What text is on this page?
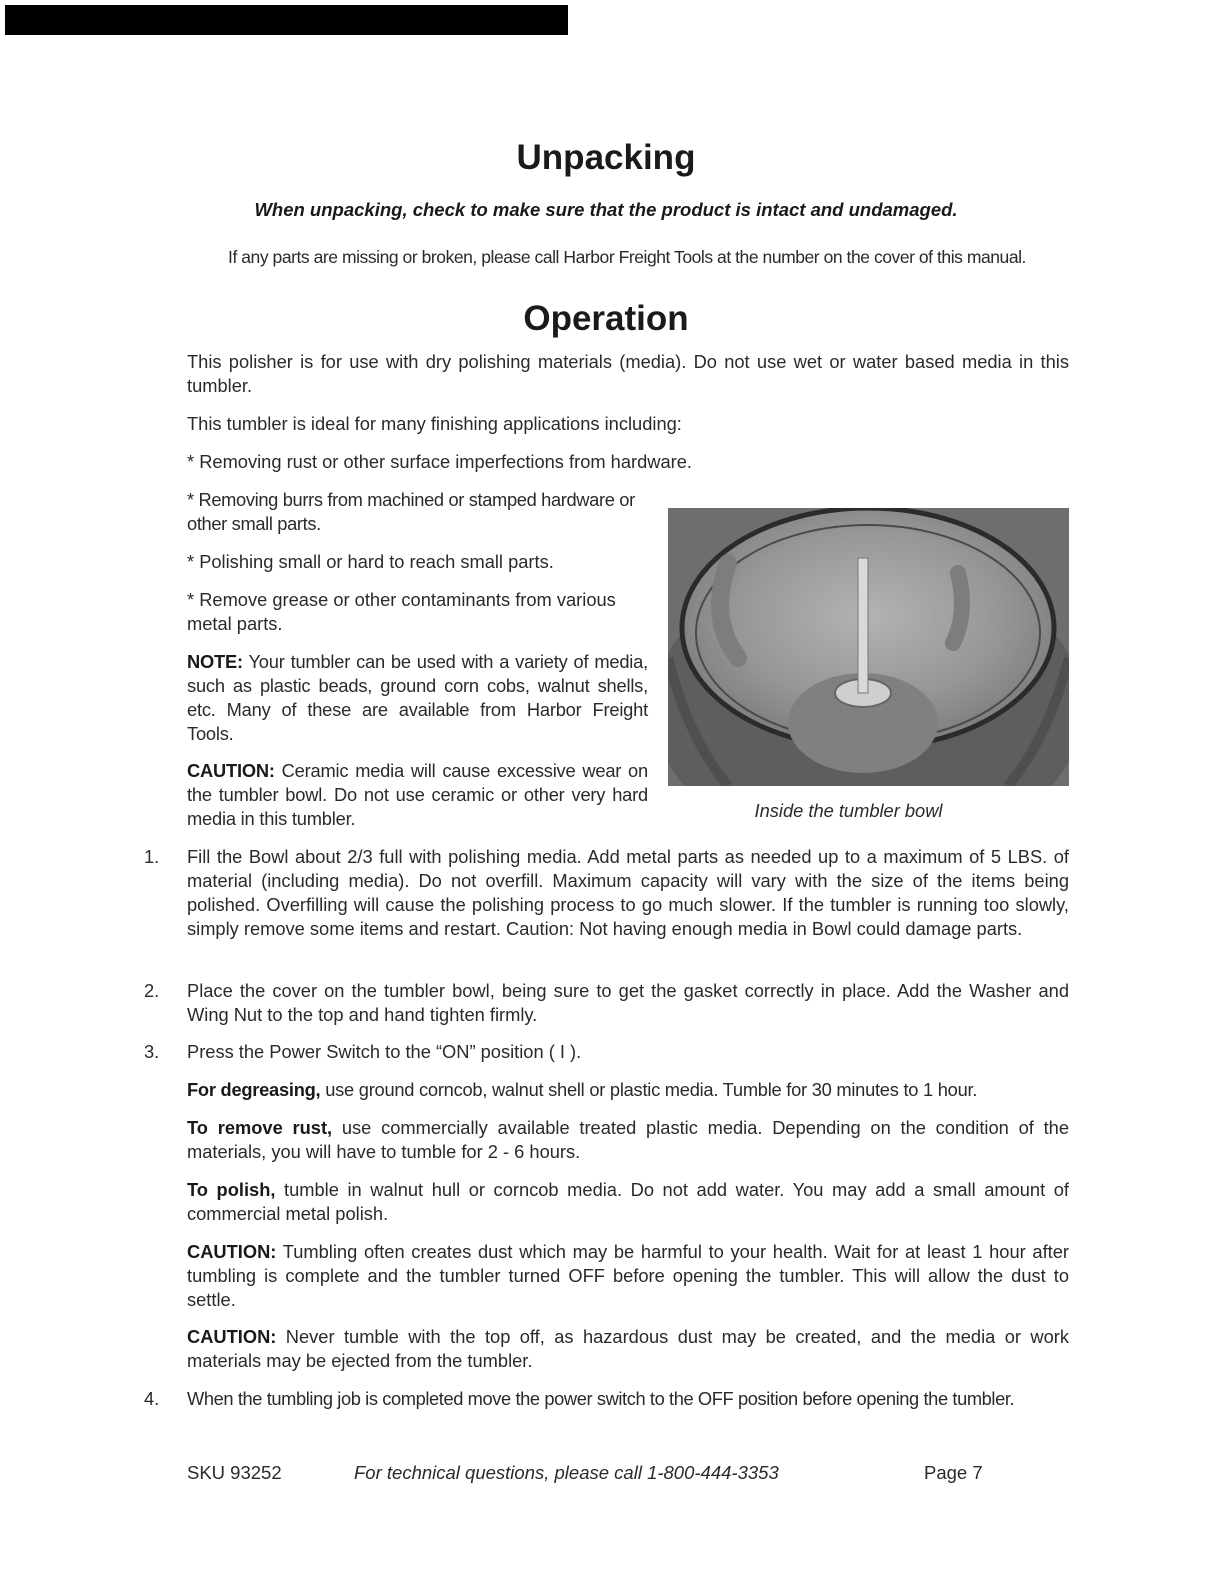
Unpacking

When unpacking, check to make sure that the product is intact and undamaged.

If any parts are missing or broken, please call Harbor Freight Tools at the number on the cover of this manual.

Operation

This polisher is for use with dry polishing materials (media). Do not use wet or water based media in this tumbler.

This tumbler is ideal for many finishing applications including:

* Removing rust or other surface imperfections from hardware.

* Removing burrs from machined or stamped hardware or other small parts.

* Polishing small or hard to reach small parts.

* Remove grease or other contaminants from various metal parts.

NOTE: Your tumbler can be used with a variety of media, such as plastic beads, ground corn cobs, walnut shells, etc. Many of these are available from Harbor Freight Tools.

CAUTION: Ceramic media will cause excessive wear on the tumbler bowl. Do not use ceramic or other very hard media in this tumbler.	Inside the tumbler bowl

1. Fill the Bowl about 2/3 full with polishing media. Add metal parts as needed up to a maximum of 5 LBS. of material (including media). Do not overfill. Maximum capacity will vary with the size of the items being polished. Overfilling will cause the polishing process to go much slower. If the tumbler is running too slowly, simply remove some items and restart. Caution: Not having enough media in Bowl could damage parts.

2. Place the cover on the tumbler bowl, being sure to get the gasket correctly in place. Add the Washer and Wing Nut to the top and hand tighten firmly.

3. Press the Power Switch to the “ON” position ( I ).

For degreasing, use ground corncob, walnut shell or plastic media. Tumble for 30 minutes to 1 hour.

To remove rust, use commercially available treated plastic media. Depending on the condition of the materials, you will have to tumble for 2 - 6 hours.

To polish, tumble in walnut hull or corncob media. Do not add water. You may add a small amount of commercial metal polish.

CAUTION: Tumbling often creates dust which may be harmful to your health. Wait for at least 1 hour after tumbling is complete and the tumbler turned OFF before opening the tumbler. This will allow the dust to settle.

CAUTION: Never tumble with the top off, as hazardous dust may be created, and the media or work materials may be ejected from the tumbler.

4. When the tumbling job is completed move the power switch to the OFF position before opening the tumbler.

SKU 93252	For technical questions, please call 1-800-444-3353	Page 7
